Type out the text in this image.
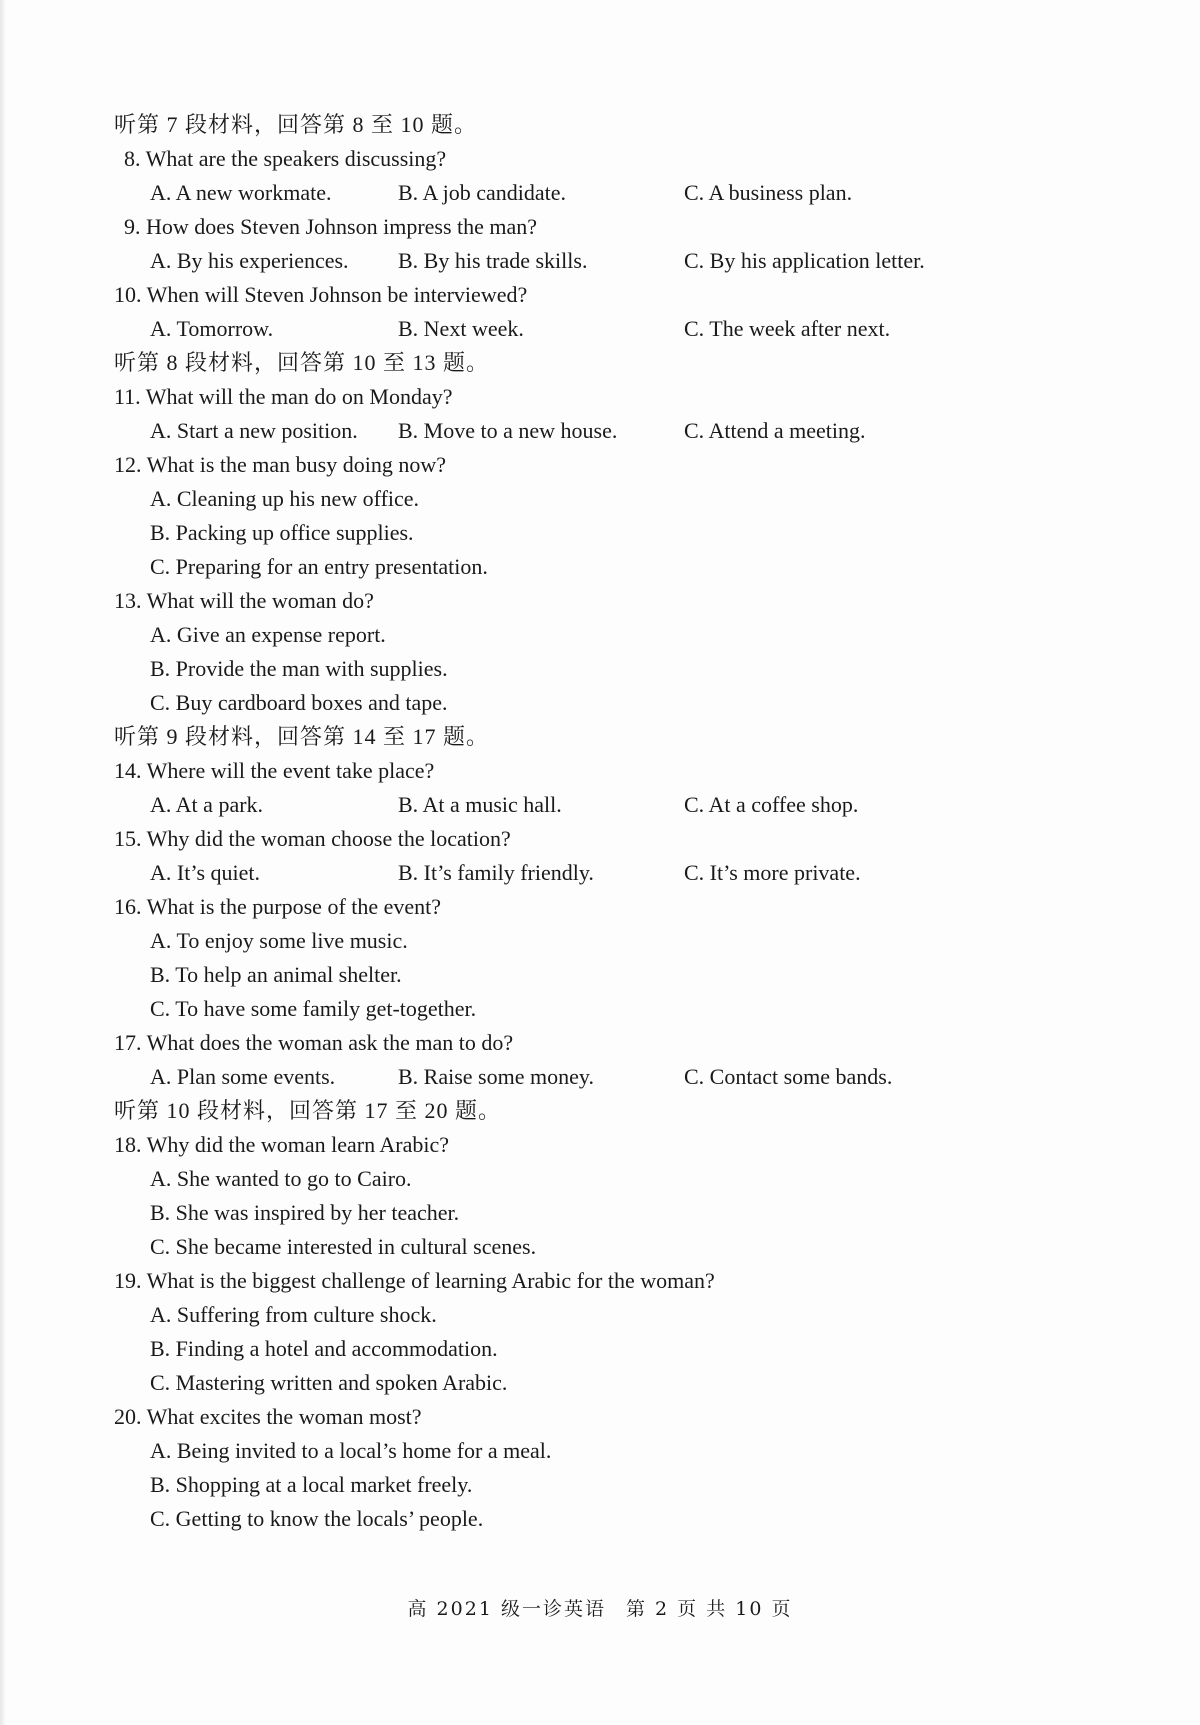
听第 7 段材料，回答第 8 至 10 题。
8. What are the speakers discussing?
A. A new workmate.	B. A job candidate.	C. A business plan.
9. How does Steven Johnson impress the man?
A. By his experiences. B. By his trade skills.	C. By his application letter.
10. When will Steven Johnson be interviewed?
A. Tomorrow.	B. Next week.	C. The week after next.
听第 8 段材料，回答第 10 至 13 题。
11. What will the man do on Monday?
A. Start a new position. B. Move to a new house.	C. Attend a meeting.
12. What is the man busy doing now?
A. Cleaning up his new office.
B. Packing up office supplies.
C. Preparing for an entry presentation.
13. What will the woman do?
A. Give an expense report.
B. Provide the man with supplies.
C. Buy cardboard boxes and tape.
听第 9 段材料，回答第 14 至 17 题。
14. Where will the event take place?
A. At a park.	B. At a music hall.	C. At a coffee shop.
15. Why did the woman choose the location?
A. It’s quiet.	B. It’s family friendly.	C. It’s more private.
16. What is the purpose of the event?
A. To enjoy some live music.
B. To help an animal shelter.
C. To have some family get-together.
17. What does the woman ask the man to do?
A. Plan some events.	B. Raise some money.	C. Contact some bands.
听第 10 段材料，回答第 17 至 20 题。
18. Why did the woman learn Arabic?
A. She wanted to go to Cairo.
B. She was inspired by her teacher.
C. She became interested in cultural scenes.
19. What is the biggest challenge of learning Arabic for the woman?
A. Suffering from culture shock.
B. Finding a hotel and accommodation.
C. Mastering written and spoken Arabic.
20. What excites the woman most?
A. Being invited to a local’s home for a meal.
B. Shopping at a local market freely.
C. Getting to know the locals’ people.
高 2021 级一诊英语 第 2 页 共 10 页
